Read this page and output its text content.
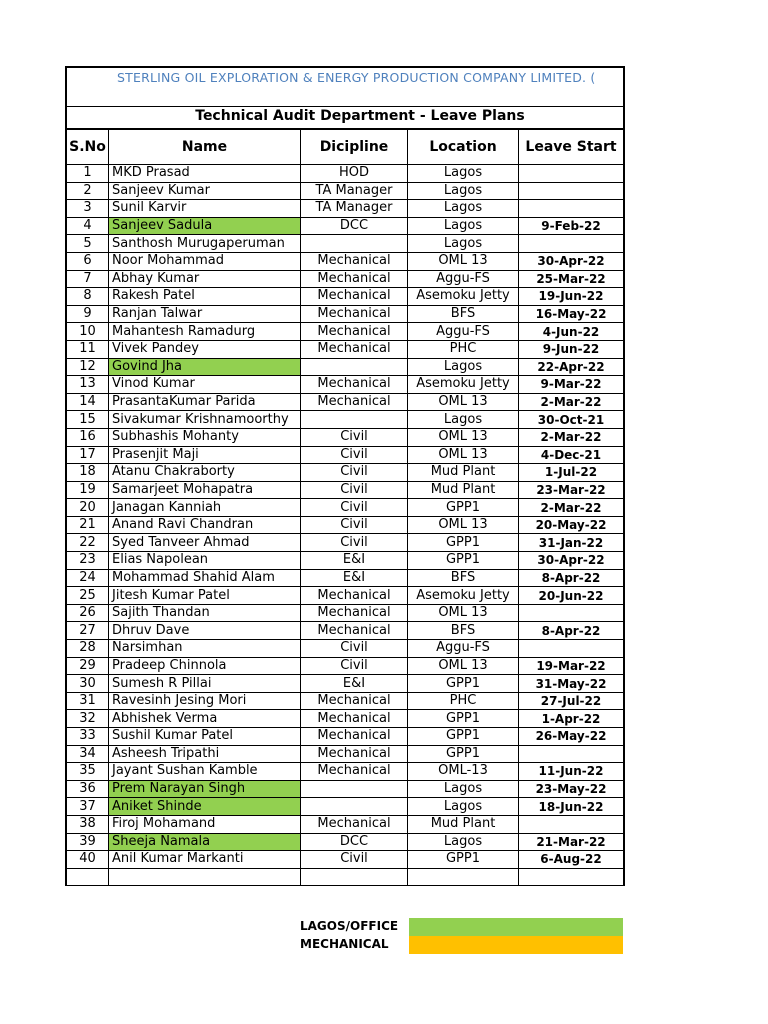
STERLING OIL EXPLORATION & ENERGY PRODUCTION COMPANY LIMITED. (
Technical Audit Department - Leave Plans
S.No	Name	Dicipline	Location	Leave Start
1	MKD Prasad	HOD	Lagos	
2	Sanjeev Kumar	TA Manager	Lagos	
3	Sunil Karvir	TA Manager	Lagos	
4	Sanjeev Sadula	DCC	Lagos	9-Feb-22
5	Santhosh Murugaperuman		Lagos	
6	Noor Mohammad	Mechanical	OML 13	30-Apr-22
7	Abhay Kumar	Mechanical	Aggu-FS	25-Mar-22
8	Rakesh Patel	Mechanical	Asemoku Jetty	19-Jun-22
9	Ranjan Talwar	Mechanical	BFS	16-May-22
10	Mahantesh Ramadurg	Mechanical	Aggu-FS	4-Jun-22
11	Vivek Pandey	Mechanical	PHC	9-Jun-22
12	Govind Jha		Lagos	22-Apr-22
13	Vinod Kumar	Mechanical	Asemoku Jetty	9-Mar-22
14	PrasantaKumar Parida	Mechanical	OML 13	2-Mar-22
15	Sivakumar Krishnamoorthy		Lagos	30-Oct-21
16	Subhashis Mohanty	Civil	OML 13	2-Mar-22
17	Prasenjit Maji	Civil	OML 13	4-Dec-21
18	Atanu Chakraborty	Civil	Mud Plant	1-Jul-22
19	Samarjeet Mohapatra	Civil	Mud Plant	23-Mar-22
20	Janagan Kanniah	Civil	GPP1	2-Mar-22
21	Anand Ravi Chandran	Civil	OML 13	20-May-22
22	Syed Tanveer Ahmad	Civil	GPP1	31-Jan-22
23	Elias Napolean	E&I	GPP1	30-Apr-22
24	Mohammad Shahid Alam	E&I	BFS	8-Apr-22
25	Jitesh Kumar Patel	Mechanical	Asemoku Jetty	20-Jun-22
26	Sajith Thandan	Mechanical	OML 13	
27	Dhruv Dave	Mechanical	BFS	8-Apr-22
28	Narsimhan	Civil	Aggu-FS	
29	Pradeep Chinnola	Civil	OML 13	19-Mar-22
30	Sumesh R Pillai	E&I	GPP1	31-May-22
31	Ravesinh Jesing Mori	Mechanical	PHC	27-Jul-22
32	Abhishek Verma	Mechanical	GPP1	1-Apr-22
33	Sushil Kumar Patel	Mechanical	GPP1	26-May-22
34	Asheesh Tripathi	Mechanical	GPP1	
35	Jayant Sushan Kamble	Mechanical	OML-13	11-Jun-22
36	Prem Narayan Singh		Lagos	23-May-22
37	Aniket Shinde		Lagos	18-Jun-22
38	Firoj Mohamand	Mechanical	Mud Plant	
39	Sheeja Namala	DCC	Lagos	21-Mar-22
40	Anil Kumar Markanti	Civil	GPP1	6-Aug-22

LAGOS/OFFICE
MECHANICAL
